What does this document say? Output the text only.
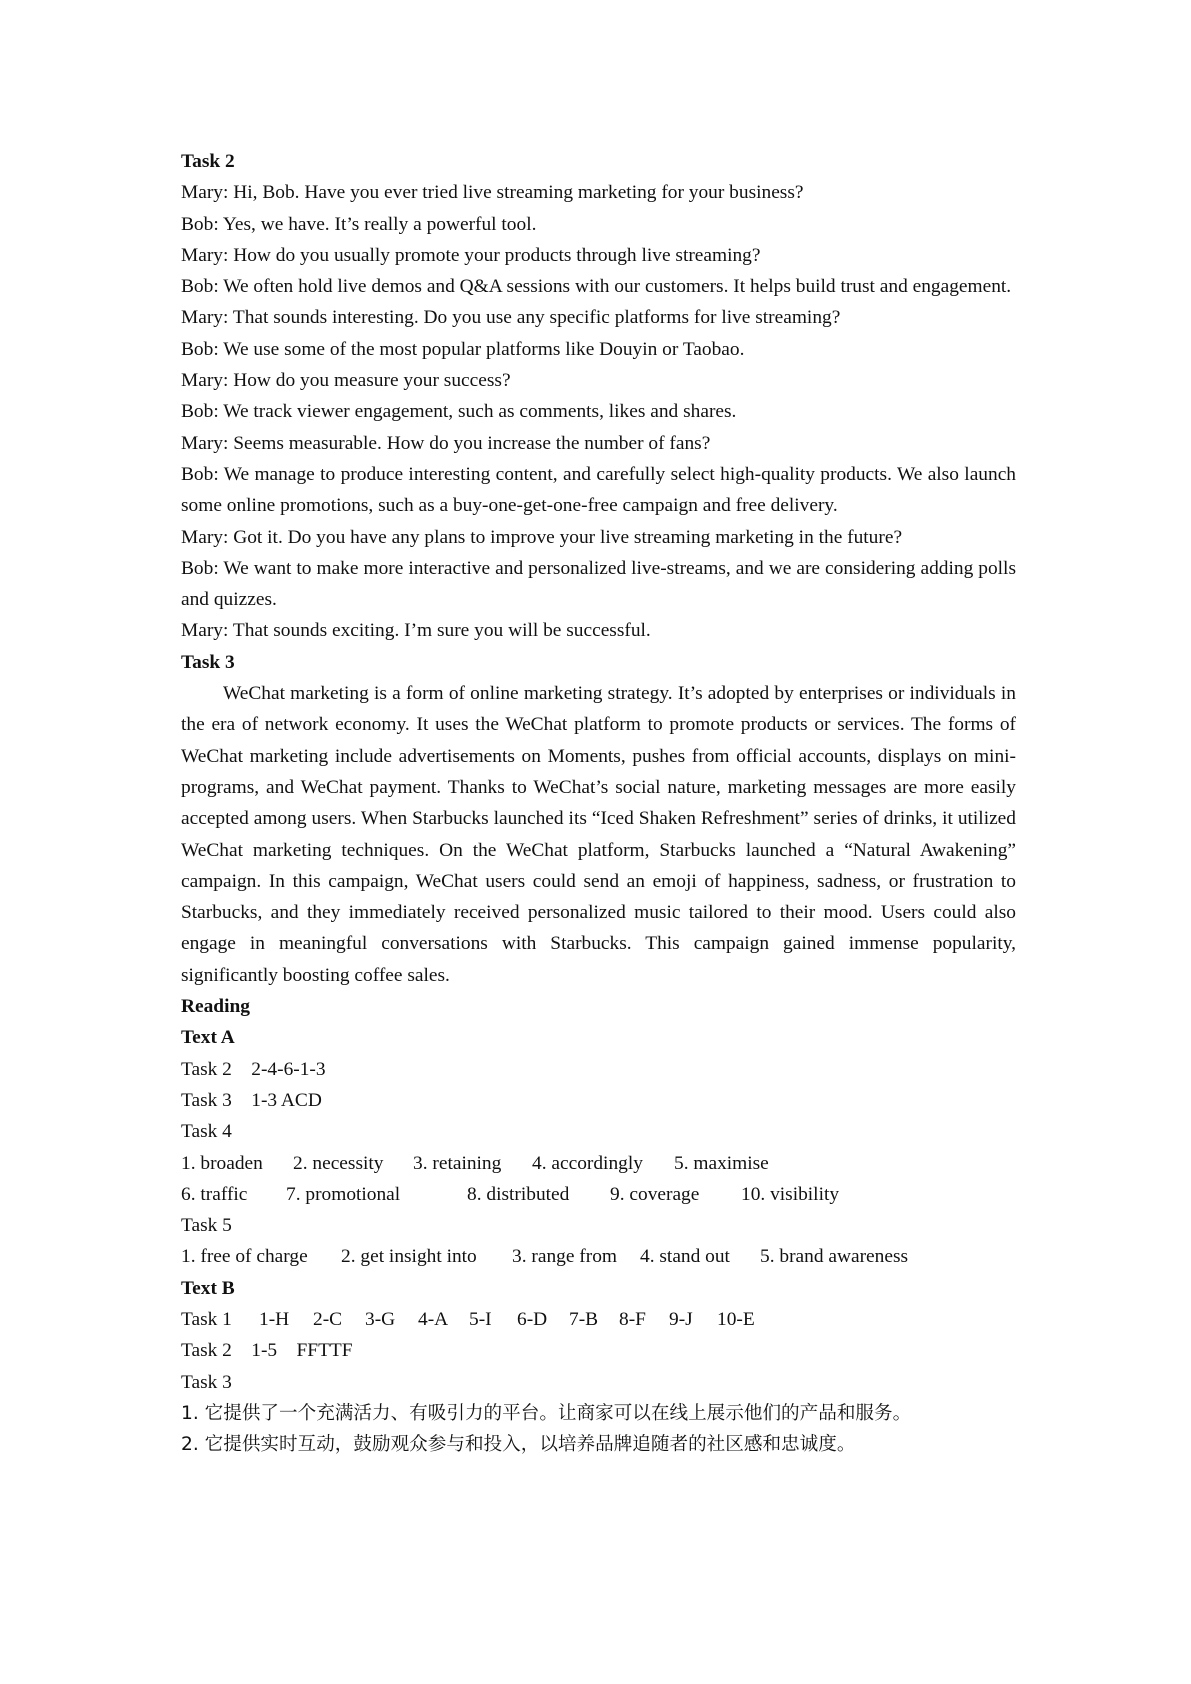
Task 2
Mary: Hi, Bob. Have you ever tried live streaming marketing for your business?
Bob: Yes, we have. It’s really a powerful tool.
Mary: How do you usually promote your products through live streaming?
Bob: We often hold live demos and Q&A sessions with our customers. It helps build trust and engagement.
Mary: That sounds interesting. Do you use any specific platforms for live streaming?
Bob: We use some of the most popular platforms like Douyin or Taobao.
Mary: How do you measure your success?
Bob: We track viewer engagement, such as comments, likes and shares.
Mary: Seems measurable. How do you increase the number of fans?
Bob: We manage to produce interesting content, and carefully select high-quality products. We also launch some online promotions, such as a buy-one-get-one-free campaign and free delivery.
Mary: Got it. Do you have any plans to improve your live streaming marketing in the future?
Bob: We want to make more interactive and personalized live-streams, and we are considering adding polls and quizzes.
Mary: That sounds exciting. I’m sure you will be successful.
Task 3
WeChat marketing is a form of online marketing strategy. It’s adopted by enterprises or individuals in the era of network economy. It uses the WeChat platform to promote products or services. The forms of WeChat marketing include advertisements on Moments, pushes from official accounts, displays on mini-programs, and WeChat payment. Thanks to WeChat’s social nature, marketing messages are more easily accepted among users. When Starbucks launched its “Iced Shaken Refreshment” series of drinks, it utilized WeChat marketing techniques. On the WeChat platform, Starbucks launched a “Natural Awakening” campaign. In this campaign, WeChat users could send an emoji of happiness, sadness, or frustration to Starbucks, and they immediately received personalized music tailored to their mood. Users could also engage in meaningful conversations with Starbucks. This campaign gained immense popularity, significantly boosting coffee sales.
Reading
Text A
Task 2    2-4-6-1-3
Task 3    1-3 ACD
Task 4
1. broaden 2. necessity 3. retaining 4. accordingly 5. maximise
6. traffic 7. promotional	8. distributed 9. coverage 10. visibility
Task 5
1. free of charge 2. get insight into 3. range from 4. stand out 5. brand awareness
Text B
Task 1 1-H 2-C 3-G 4-A 5-I 6-D 7-B 8-F 9-J 10-E
Task 2    1-5    FFTTF
Task 3
1. 它提供了一个充满活力、有吸引力的平台。让商家可以在线上展示他们的产品和服务。
2. 它提供实时互动，鼓励观众参与和投入，以培养品牌追随者的社区感和忠诚度。
